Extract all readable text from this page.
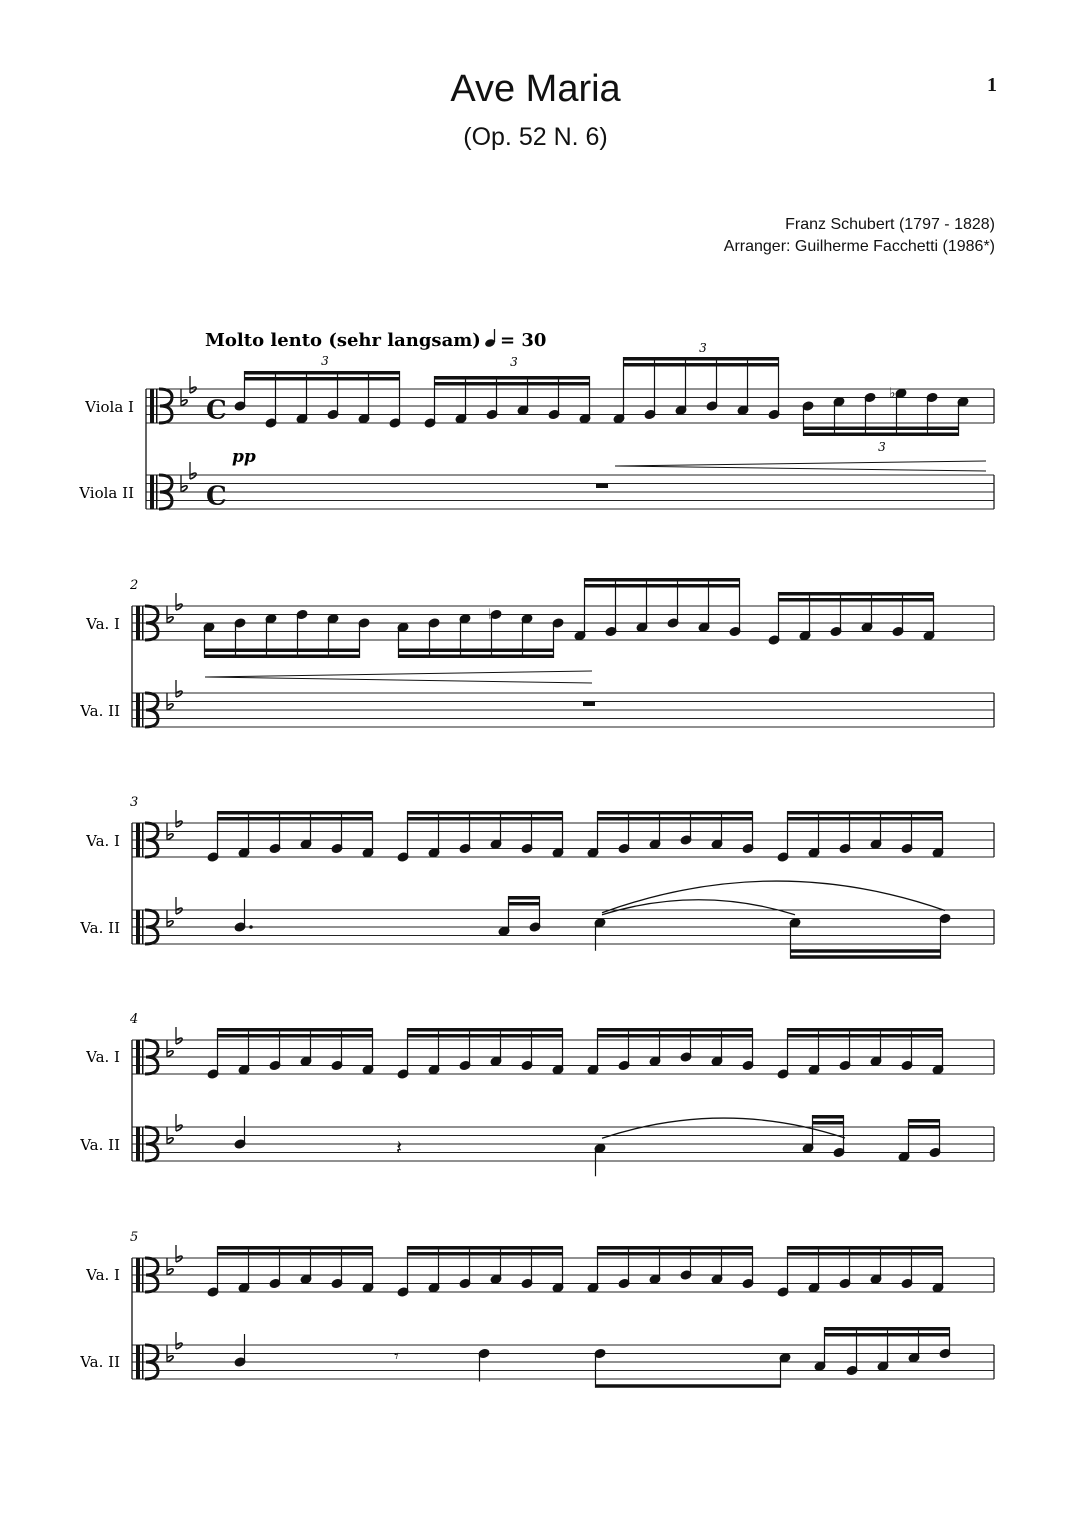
Ave Maria
(Op. 52 N. 6)
1
Franz Schubert (1797 - 1828)
Arranger: Guilherme Facchetti (1986*)
Molto lento (sehr langsam) = 30
pp
Viola I
Viola II
Va. I
Va. II
Va. I
Va. II
Va. I
Va. II
Va. I
Va. II
2
3
4
5
3	3
3
3
C
C
♭
♭
𝄽
𝄾
